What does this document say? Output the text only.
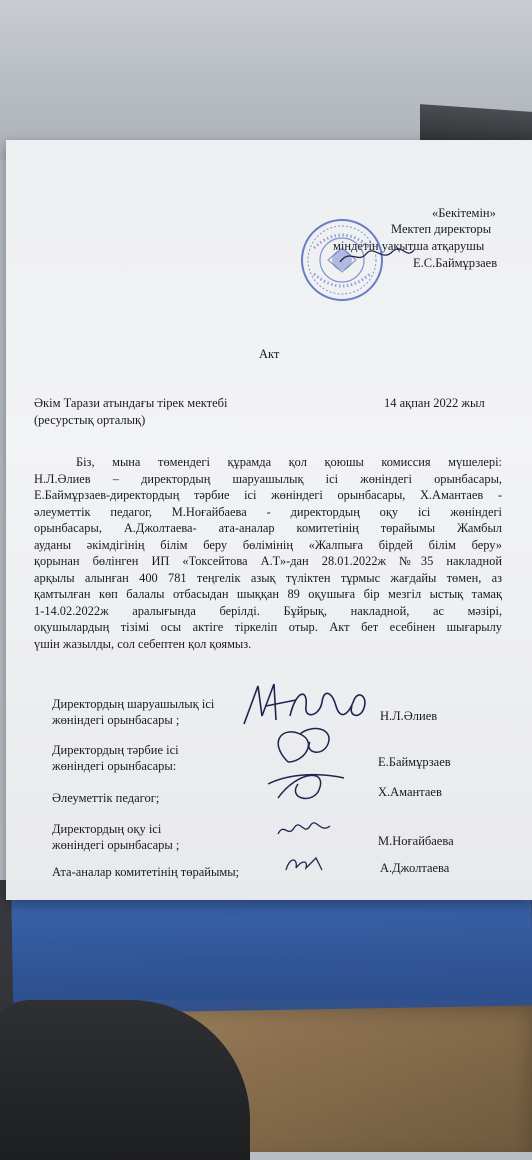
«Бекітемін»
Мектеп директоры
міндетін уақытша атқарушы
Е.С.Баймұрзаев
Акт
Әкім Тарази атындағы тірек мектебі
(ресурстық орталық)
14 ақпан 2022 жыл
Біз, мына төмендегі құрамда қол қоюшы комиссия мүшелері:
Н.Л.Әлиев – директордың шаруашылық ісі жөніндегі орынбасары,
Е.Баймұрзаев-директордың тәрбие ісі жөніндегі орынбасары, Х.Амантаев -
әлеуметтік педагог, М.Ноғайбаева - директордың оқу ісі жөніндегі
орынбасары, А.Джолтаева- ата-аналар комитетінің төрайымы Жамбыл
ауданы әкімдігінің білім беру бөлімінің «Жалпыға бірдей білім беру»
қорынан бөлінген ИП «Токсейтова А.Т»-дан 28.01.2022ж №35 накладной
арқылы алынған 400 781 теңгелік азық түліктен тұрмыс жағдайы төмен, аз
қамтылған көп балалы отбасыдан шыққан 89 оқушыға бір мезгіл ыстық тамақ
1-14.02.2022ж аралығында берілді. Бұйрық, накладной, ас мәзірі,
оқушылардың тізімі осы актіге тіркеліп отыр. Акт бет есебінен шығарылу
үшін жазылды, сол себептен қол қоямыз.
Директордың шаруашылық ісі
жөніндегі орынбасары ;	Н.Л.Әлиев
Директордың тәрбие ісі
жөніндегі орынбасары:	Е.Баймұрзаев
Әлеуметтік педагог;	Х.Амантаев
Директордың оқу ісі
жөніндегі орынбасары ;	М.Ноғайбаева
Ата-аналар комитетінің төрайымы;	А.Джолтаева
